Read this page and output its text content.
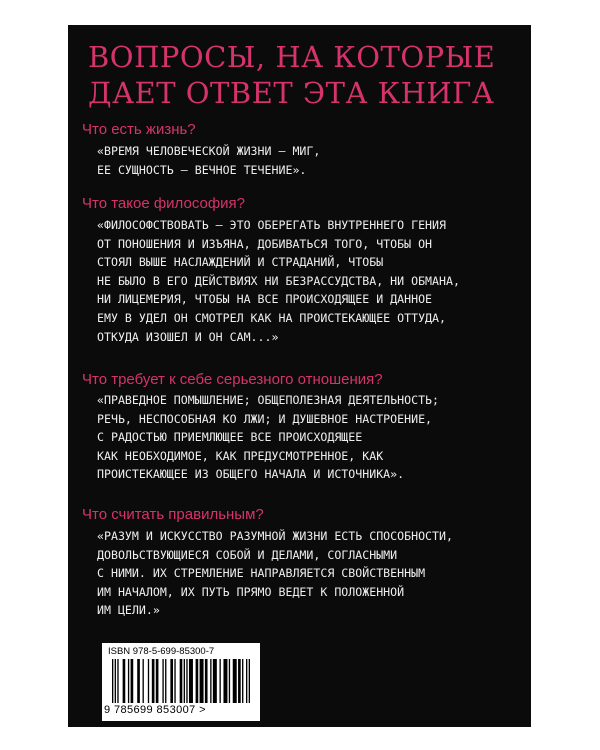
ВОПРОСЫ, НА КОТОРЫЕ
ДАЕТ ОТВЕТ ЭТА КНИГА
Что есть жизнь?
«ВРЕМЯ ЧЕЛОВЕЧЕСКОЙ ЖИЗНИ — МИГ,
ЕЕ СУЩНОСТЬ — ВЕЧНОЕ ТЕЧЕНИЕ».
Что такое философия?
«ФИЛОСОФСТВОВАТЬ — ЭТО ОБЕРЕГАТЬ ВНУТРЕННЕГО ГЕНИЯ
ОТ ПОНОШЕНИЯ И ИЗЪЯНА, ДОБИВАТЬСЯ ТОГО, ЧТОБЫ ОН
СТОЯЛ ВЫШЕ НАСЛАЖДЕНИЙ И СТРАДАНИЙ, ЧТОБЫ
НЕ БЫЛО В ЕГО ДЕЙСТВИЯХ НИ БЕЗРАССУДСТВА, НИ ОБМАНА,
НИ ЛИЦЕМЕРИЯ, ЧТОБЫ НА ВСЕ ПРОИСХОДЯЩЕЕ И ДАННОЕ
ЕМУ В УДЕЛ ОН СМОТРЕЛ КАК НА ПРОИСТЕКАЮЩЕЕ ОТТУДА,
ОТКУДА ИЗОШЕЛ И ОН САМ...»
Что требует к себе серьезного отношения?
«ПРАВЕДНОЕ ПОМЫШЛЕНИЕ; ОБЩЕПОЛЕЗНАЯ ДЕЯТЕЛЬНОСТЬ;
РЕЧЬ, НЕСПОСОБНАЯ КО ЛЖИ; И ДУШЕВНОЕ НАСТРОЕНИЕ,
С РАДОСТЬЮ ПРИЕМЛЮЩЕЕ ВСЕ ПРОИСХОДЯЩЕЕ
КАК НЕОБХОДИМОЕ, КАК ПРЕДУСМОТРЕННОЕ, КАК
ПРОИСТЕКАЮЩЕЕ ИЗ ОБЩЕГО НАЧАЛА И ИСТОЧНИКА».
Что считать правильным?
«РАЗУМ И ИСКУССТВО РАЗУМНОЙ ЖИЗНИ ЕСТЬ СПОСОБНОСТИ,
ДОВОЛЬСТВУЮЩИЕСЯ СОБОЙ И ДЕЛАМИ, СОГЛАСНЫМИ
С НИМИ. ИХ СТРЕМЛЕНИЕ НАПРАВЛЯЕТСЯ СВОЙСТВЕННЫМ
ИМ НАЧАЛОМ, ИХ ПУТЬ ПРЯМО ВЕДЕТ К ПОЛОЖЕННОЙ
ИМ ЦЕЛИ.»
ISBN 978-5-699-85300-7
9 785699 853007 >
